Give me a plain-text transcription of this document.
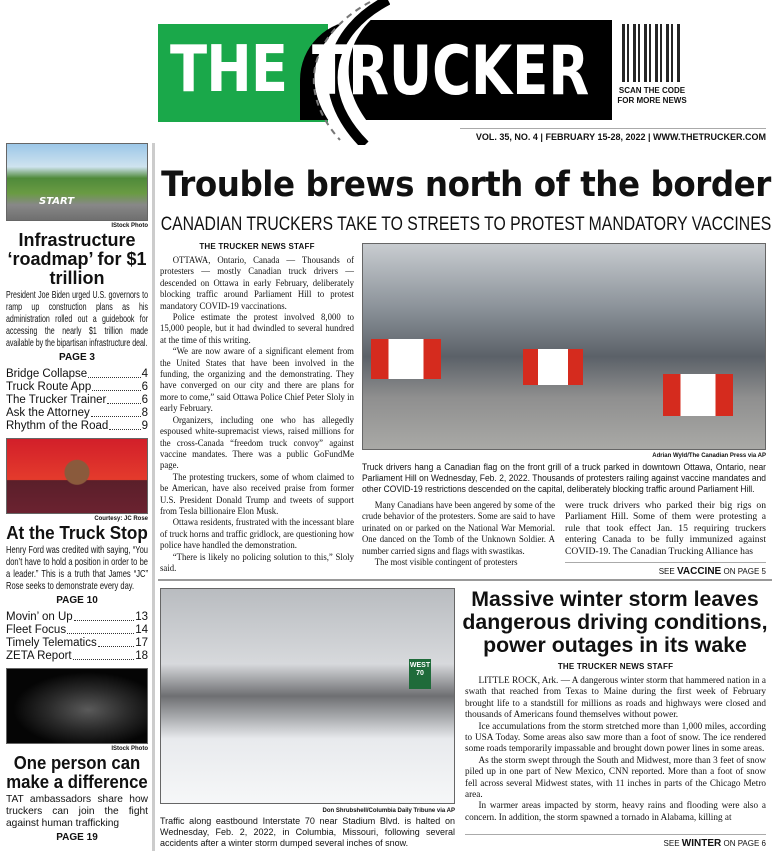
THE TRUCKER	SCAN THE CODE FOR MORE NEWS
VOL. 35, NO. 4 | FEBRUARY 15-28, 2022 | WWW.THETRUCKER.COM
START
IStock Photo
Infrastructure ‘roadmap’ for $1 trillion

President Joe Biden urged U.S. governors to ramp up construction plans as his administration rolled out a guidebook for accessing the nearly $1 trillion made available by the bipartisan infrastructure deal.

PAGE 3
Bridge Collapse	4
Truck Route App	6
The Trucker Trainer	6
Ask the Attorney	8
Rhythm of the Road	9
Courtesy: JC Rose
At the Truck Stop

Henry Ford was credited with saying, “You don’t have to hold a position in order to be a leader.” This is a truth that James “JC” Rose seeks to demonstrate every day.

PAGE 10
Movin’ on Up	13
Fleet Focus	14
Timely Telematics	17
ZETA Report	18
IStock Photo
One person can make a difference

TAT ambassadors share how truckers can join the fight against human trafficking

PAGE 19
Trouble brews north of the border
CANADIAN TRUCKERS TAKE TO STREETS TO PROTEST MANDATORY VACCINES
THE TRUCKER NEWS STAFF

OTTAWA, Ontario, Canada — Thousands of protesters — mostly Canadian truck drivers — descended on Ottawa in early February, deliberately blocking traffic around Parliament Hill to protest mandatory COVID-19 vaccinations.

Police estimate the protest involved 8,000 to 15,000 people, but it had dwindled to several hundred at the time of this writing.

“We are now aware of a significant element from the United States that have been involved in the funding, the organizing and the demonstrating. They have converged on our city and there are plans for more to come,” said Ottawa Police Chief Peter Sloly in early February.

Organizers, including one who has allegedly espoused white-supremacist views, raised millions for the cross-Canada “freedom truck convoy” against vaccine mandates. There was a public GoFundMe page.

The protesting truckers, some of whom claimed to be American, have also received praise from former U.S. President Donald Trump and tweets of support from Tesla billionaire Elon Musk.

Ottawa residents, frustrated with the incessant blare of truck horns and traffic gridlock, are questioning how police have handled the demonstration.

“There is likely no policing solution to this,” Sloly said.

Adrian Wyld/The Canadian Press via AP
Truck drivers hang a Canadian flag on the front grill of a truck parked in downtown Ottawa, Ontario, near Parliament Hill on Wednesday, Feb. 2, 2022. Thousands of protesters railing against vaccine mandates and other COVID-19 restrictions descended on the capital, deliberately blocking traffic around Parliament Hill.

Many Canadians have been angered by some of the crude behavior of the protesters. Some are said to have urinated on or parked on the National War Memorial. One danced on the Tomb of the Unknown Soldier. A number carried signs and flags with swastikas.

The most visible contingent of protesters

were truck drivers who parked their big rigs on Parliament Hill. Some of them were protesting a rule that took effect Jan. 15 requiring truckers entering Canada to be fully immunized against COVID-19. The Canadian Trucking Alliance has
SEE VACCINE ON PAGE 5
WEST 70
Don Shrubshell/Columbia Daily Tribune via AP
Traffic along eastbound Interstate 70 near Stadium Blvd. is halted on Wednesday, Feb. 2, 2022, in Columbia, Missouri, following several accidents after a winter storm dumped several inches of snow.
Massive winter storm leaves dangerous driving conditions, power outages in its wake
THE TRUCKER NEWS STAFF

LITTLE ROCK, Ark. — A dangerous winter storm that hammered nation in a swath that reached from Texas to Maine during the first week of February brought life to a standstill for millions as roads and highways were closed and thousands of Americans found themselves without power.

Ice accumulations from the storm stretched more than 1,000 miles, according to USA Today. Some areas also saw more than a foot of snow. The ice rendered some roads temporarily impassable and brought down power lines in some areas.

As the storm swept through the South and Midwest, more than 3 feet of snow piled up in one part of New Mexico, CNN reported. More than a foot of snow fell across several Midwest states, with 11 inches in parts of the Chicago Metro area.

In warmer areas impacted by storm, heavy rains and flooding were also a concern. In addition, the storm spawned a tornado in Alabama, killing at

SEE WINTER ON PAGE 6
